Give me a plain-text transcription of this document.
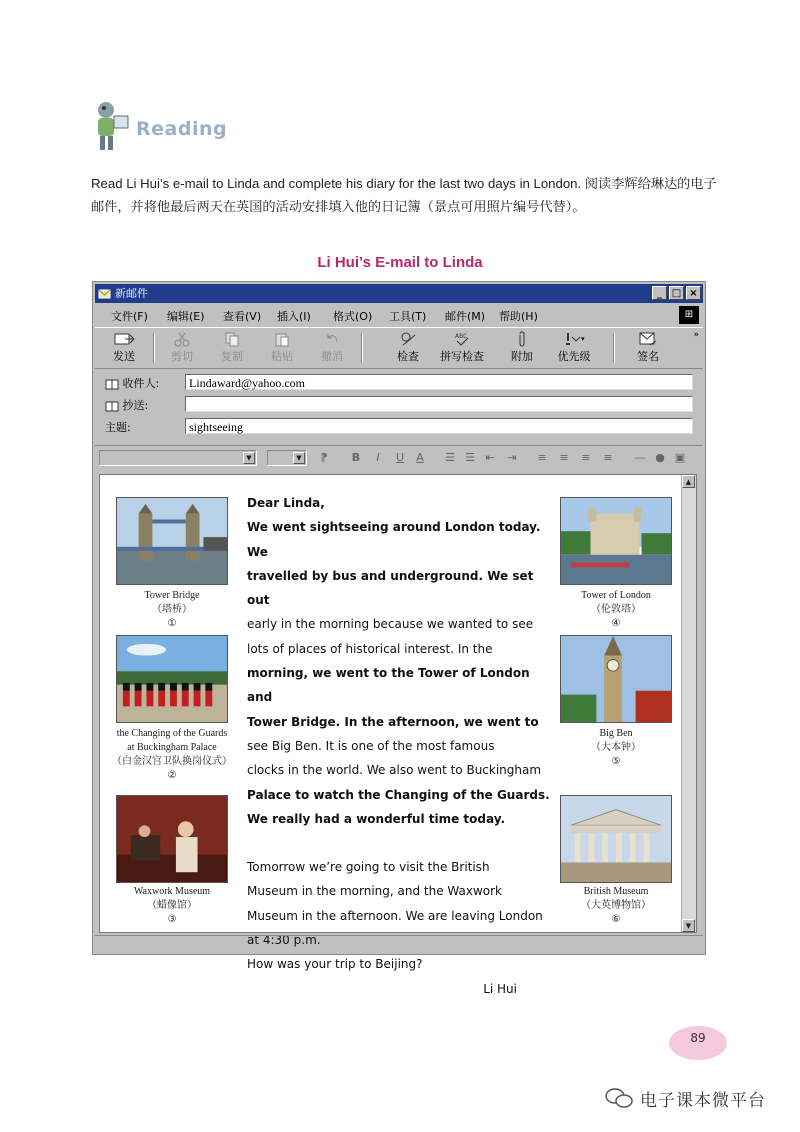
Reading
Read Li Hui’s e-mail to Linda and complete his diary for the last two days in London. 阅读李辉给琳达的电子邮件，并将他最后两天在英国的活动安排填入他的日记簿（景点可用照片编号代替）。
Li Hui’s E-mail to Linda
新邮件	_ □ ×
文件(F) 编辑(E) 查看(V) 插入(I) 格式(O) 工具(T) 邮件(M) 帮助(H)	⊞
发送	剪切	复制	粘贴	撤消	检查
ABC
拼写检查	附加
▾
优先级	签名
»
收件人:	Lindaward@yahoo.com
抄送:
主题:	sightseeing
▼	▼	⁋	B	I	U A ☰ ☰ ⇤ ⇥ ≡ ≡ ≡ ≡ — ● ▣
Tower Bridge
（塔桥）
①
the Changing of the Guards
at Buckingham Palace
（白金汉宫卫队换岗仪式）
②
Waxwork Museum
（蜡像馆）
③
Tower of London
（伦敦塔）
④
Big Ben
（大本钟）
⑤
British Museum
（大英博物馆）
⑥

Dear Linda,

We went sightseeing around London today. We

travelled by bus and underground. We set out

early in the morning because we wanted to see

lots of places of historical interest. In the

morning, we went to the Tower of London and

Tower Bridge. In the afternoon, we went to

see Big Ben. It is one of the most famous

clocks in the world. We also went to Buckingham

Palace to watch the Changing of the Guards.

We really had a wonderful time today.

Tomorrow we’re going to visit the British

Museum in the morning, and the Waxwork

Museum in the afternoon. We are leaving London

at 4:30 p.m.

How was your trip to Beijing?

Li Hui

▲
▼
89
电子课本微平台
